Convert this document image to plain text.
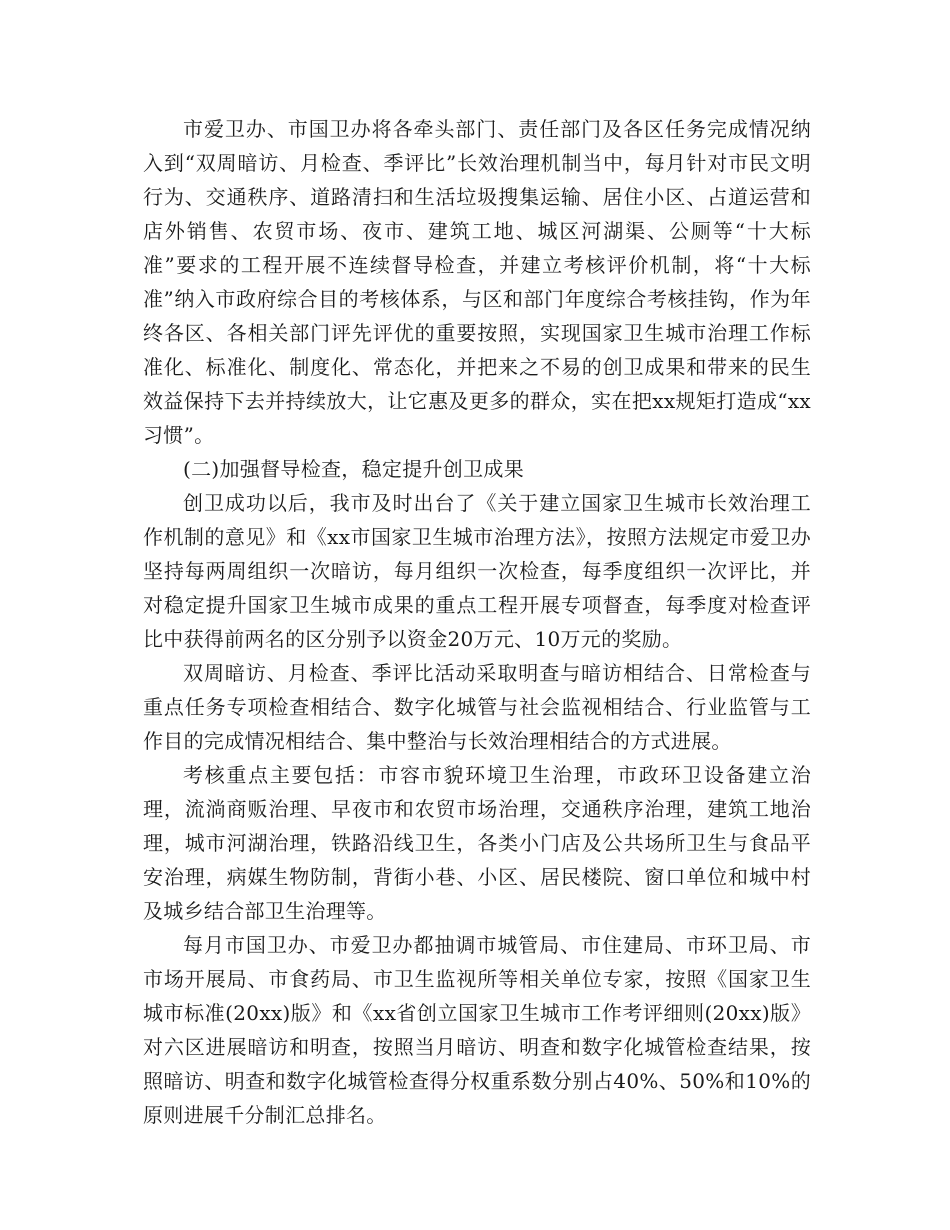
市爱卫办、市国卫办将各牵头部门、责任部门及各区任务完成情况纳入到“双周暗访、月检查、季评比”长效治理机制当中，每月针对市民文明行为、交通秩序、道路清扫和生活垃圾搜集运输、居住小区、占道运营和店外销售、农贸市场、夜市、建筑工地、城区河湖渠、公厕等“十大标准”要求的工程开展不连续督导检查，并建立考核评价机制，将“十大标准”纳入市政府综合目的考核体系，与区和部门年度综合考核挂钩，作为年终各区、各相关部门评先评优的重要按照，实现国家卫生城市治理工作标准化、标准化、制度化、常态化，并把来之不易的创卫成果和带来的民生效益保持下去并持续放大，让它惠及更多的群众，实在把xx规矩打造成“xx习惯”。

(二)加强督导检查，稳定提升创卫成果

创卫成功以后，我市及时出台了《关于建立国家卫生城市长效治理工作机制的意见》和《xx市国家卫生城市治理方法》，按照方法规定市爱卫办坚持每两周组织一次暗访，每月组织一次检查，每季度组织一次评比，并对稳定提升国家卫生城市成果的重点工程开展专项督查，每季度对检查评比中获得前两名的区分别予以资金20万元、10万元的奖励。

双周暗访、月检查、季评比活动采取明查与暗访相结合、日常检查与重点任务专项检查相结合、数字化城管与社会监视相结合、行业监管与工作目的完成情况相结合、集中整治与长效治理相结合的方式进展。

考核重点主要包括：市容市貌环境卫生治理，市政环卫设备建立治理，流淌商贩治理、早夜市和农贸市场治理，交通秩序治理，建筑工地治理，城市河湖治理，铁路沿线卫生，各类小门店及公共场所卫生与食品平安治理，病媒生物防制，背街小巷、小区、居民楼院、窗口单位和城中村及城乡结合部卫生治理等。

每月市国卫办、市爱卫办都抽调市城管局、市住建局、市环卫局、市市场开展局、市食药局、市卫生监视所等相关单位专家，按照《国家卫生城市标准(20xx)版》和《xx省创立国家卫生城市工作考评细则(20xx)版》对六区进展暗访和明查，按照当月暗访、明查和数字化城管检查结果，按照暗访、明查和数字化城管检查得分权重系数分别占40%、50%和10%的原则进展千分制汇总排名。
